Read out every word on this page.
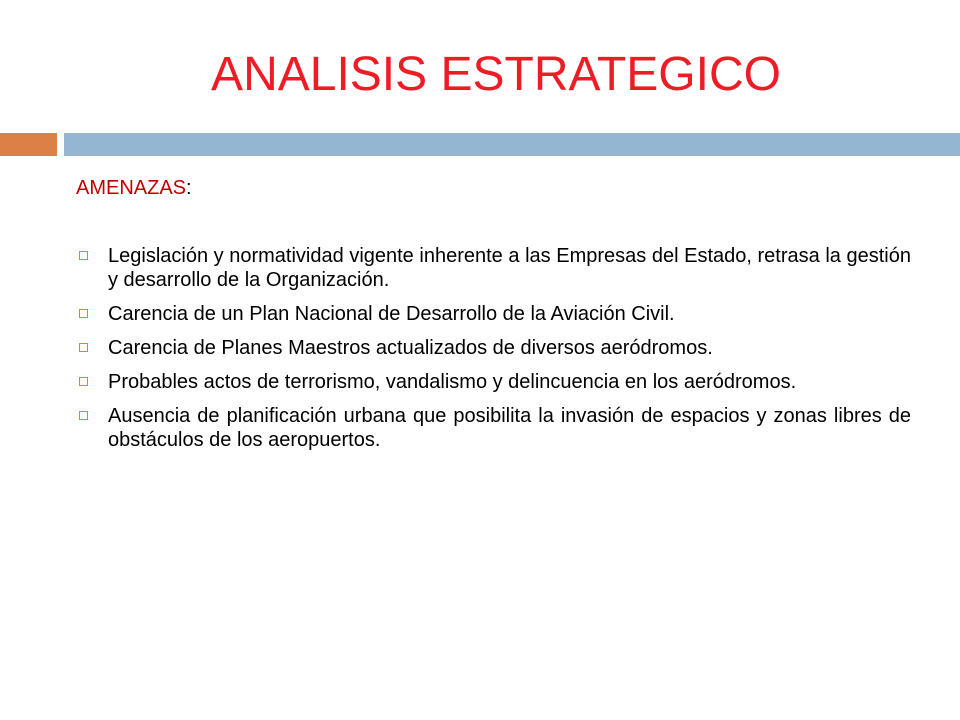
ANALISIS ESTRATEGICO
AMENAZAS:
Legislación y normatividad vigente inherente a las Empresas del Estado, retrasa la gestión y desarrollo de la Organización.
Carencia de un Plan Nacional de Desarrollo de la Aviación Civil.
Carencia de Planes Maestros actualizados de diversos aeródromos.
Probables actos de terrorismo, vandalismo y delincuencia en los aeródromos.
Ausencia de planificación urbana que posibilita la invasión de espacios y zonas libres de obstáculos de los aeropuertos.
